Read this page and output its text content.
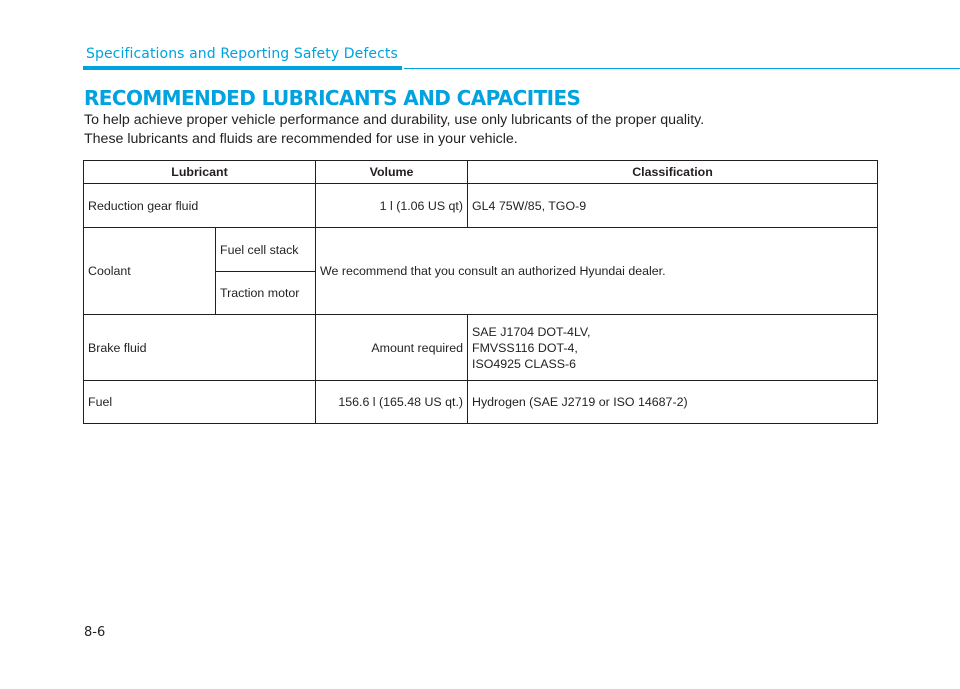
Specifications and Reporting Safety Defects
RECOMMENDED LUBRICANTS AND CAPACITIES
To help achieve proper vehicle performance and durability, use only lubricants of the proper quality.
These lubricants and fluids are recommended for use in your vehicle.
Lubricant		Volume	Classification
Reduction gear fluid		1 l (1.06 US qt)	GL4 75W/85, TGO-9
Coolant	Fuel cell stack	We recommend that you consult an authorized Hyundai dealer.	
	Traction motor		
Brake fluid		Amount required	SAE J1704 DOT-4LV,
FMVSS116 DOT-4,
ISO4925 CLASS-6

Fuel		156.6 l (165.48 US qt.)	Hydrogen (SAE J2719 or ISO 14687-2)
8-6
